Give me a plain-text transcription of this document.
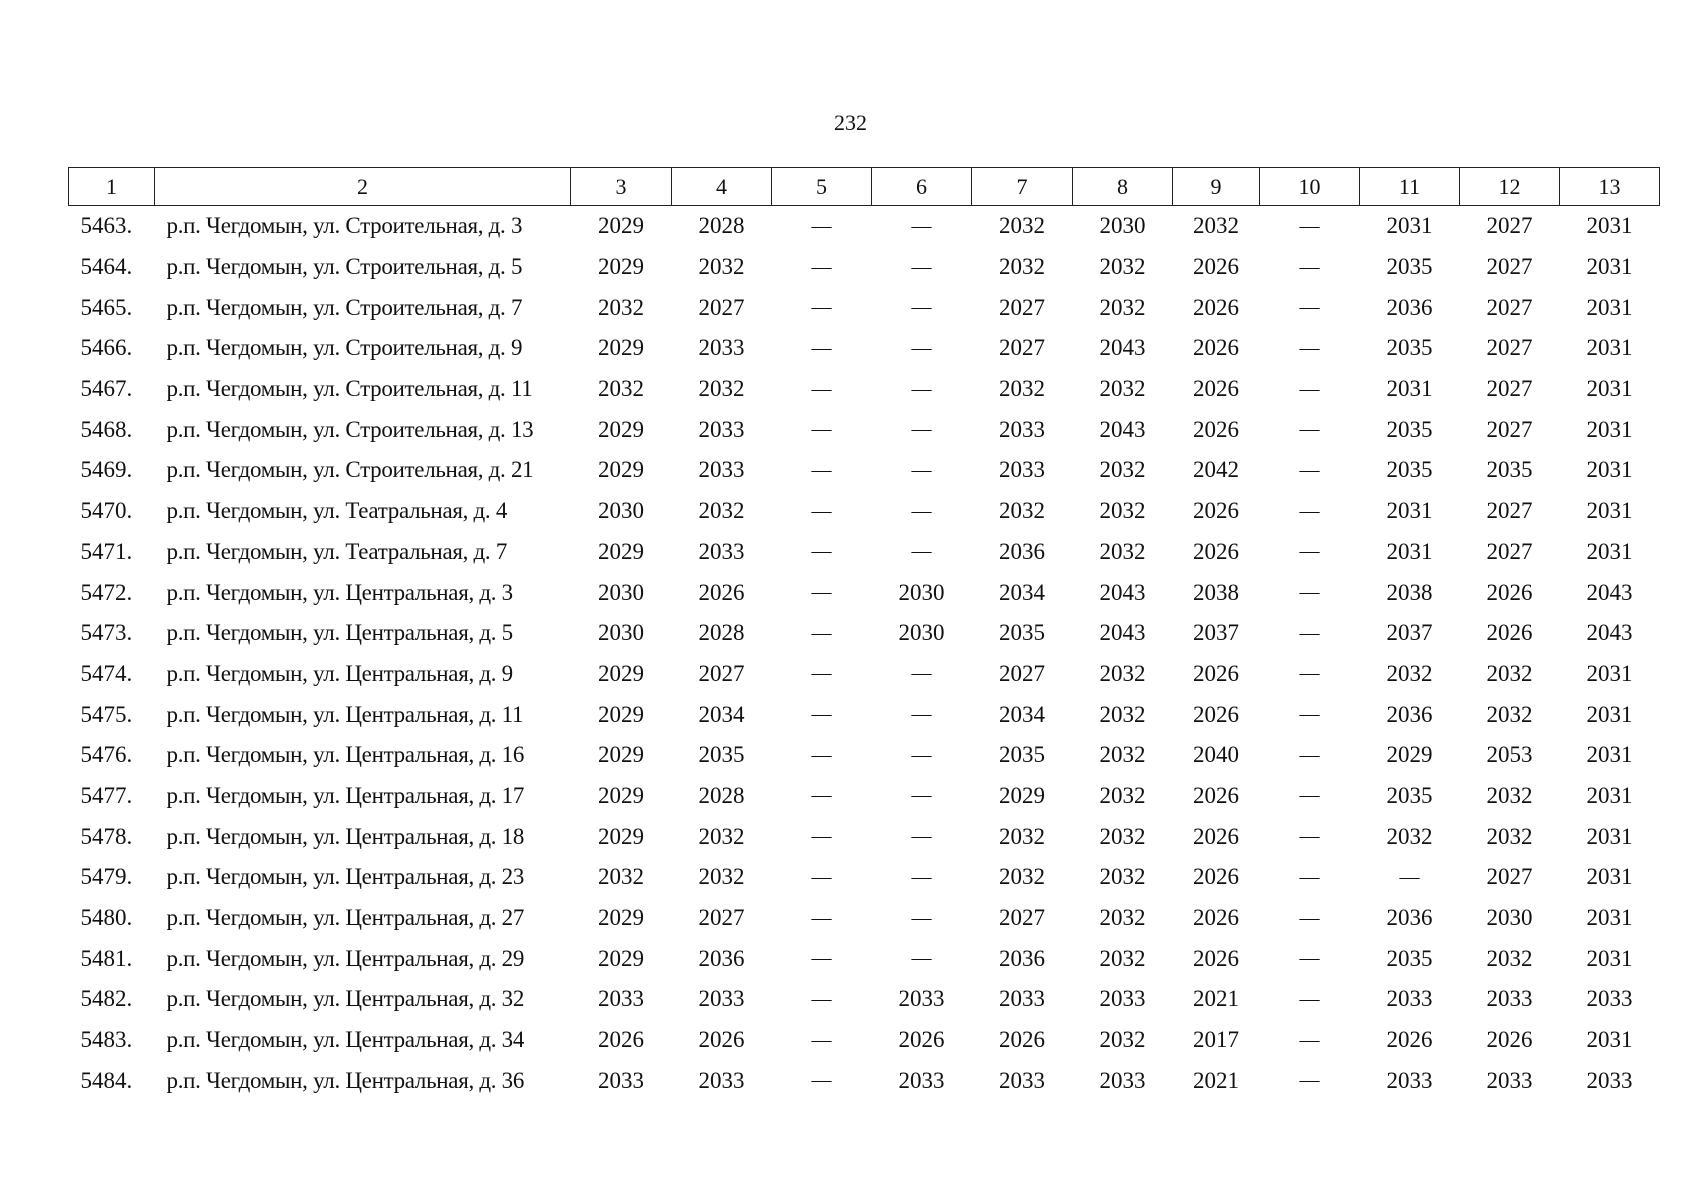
232
1	2	3	4	5	6	7	8	9	10	11	12	13
5463.	р.п. Чегдомын, ул. Строительная, д. 3	2029	2028	—	—	2032	2030	2032	—	2031	2027	2031
5464.	р.п. Чегдомын, ул. Строительная, д. 5	2029	2032	—	—	2032	2032	2026	—	2035	2027	2031
5465.	р.п. Чегдомын, ул. Строительная, д. 7	2032	2027	—	—	2027	2032	2026	—	2036	2027	2031
5466.	р.п. Чегдомын, ул. Строительная, д. 9	2029	2033	—	—	2027	2043	2026	—	2035	2027	2031
5467.	р.п. Чегдомын, ул. Строительная, д. 11	2032	2032	—	—	2032	2032	2026	—	2031	2027	2031
5468.	р.п. Чегдомын, ул. Строительная, д. 13	2029	2033	—	—	2033	2043	2026	—	2035	2027	2031
5469.	р.п. Чегдомын, ул. Строительная, д. 21	2029	2033	—	—	2033	2032	2042	—	2035	2035	2031
5470.	р.п. Чегдомын, ул. Театральная, д. 4	2030	2032	—	—	2032	2032	2026	—	2031	2027	2031
5471.	р.п. Чегдомын, ул. Театральная, д. 7	2029	2033	—	—	2036	2032	2026	—	2031	2027	2031
5472.	р.п. Чегдомын, ул. Центральная, д. 3	2030	2026	—	2030	2034	2043	2038	—	2038	2026	2043
5473.	р.п. Чегдомын, ул. Центральная, д. 5	2030	2028	—	2030	2035	2043	2037	—	2037	2026	2043
5474.	р.п. Чегдомын, ул. Центральная, д. 9	2029	2027	—	—	2027	2032	2026	—	2032	2032	2031
5475.	р.п. Чегдомын, ул. Центральная, д. 11	2029	2034	—	—	2034	2032	2026	—	2036	2032	2031
5476.	р.п. Чегдомын, ул. Центральная, д. 16	2029	2035	—	—	2035	2032	2040	—	2029	2053	2031
5477.	р.п. Чегдомын, ул. Центральная, д. 17	2029	2028	—	—	2029	2032	2026	—	2035	2032	2031
5478.	р.п. Чегдомын, ул. Центральная, д. 18	2029	2032	—	—	2032	2032	2026	—	2032	2032	2031
5479.	р.п. Чегдомын, ул. Центральная, д. 23	2032	2032	—	—	2032	2032	2026	—	—	2027	2031
5480.	р.п. Чегдомын, ул. Центральная, д. 27	2029	2027	—	—	2027	2032	2026	—	2036	2030	2031
5481.	р.п. Чегдомын, ул. Центральная, д. 29	2029	2036	—	—	2036	2032	2026	—	2035	2032	2031
5482.	р.п. Чегдомын, ул. Центральная, д. 32	2033	2033	—	2033	2033	2033	2021	—	2033	2033	2033
5483.	р.п. Чегдомын, ул. Центральная, д. 34	2026	2026	—	2026	2026	2032	2017	—	2026	2026	2031
5484.	р.п. Чегдомын, ул. Центральная, д. 36	2033	2033	—	2033	2033	2033	2021	—	2033	2033	2033
